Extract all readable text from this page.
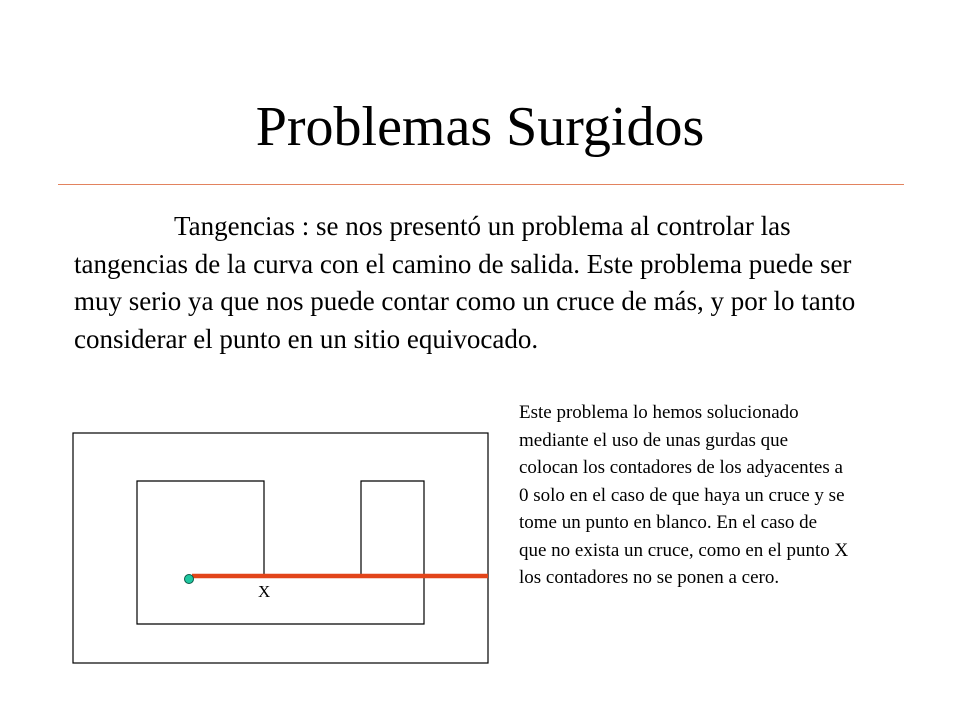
Problemas Surgidos

Tangencias : se nos presentó un problema al controlar las tangencias de la curva con el camino de salida. Este problema puede ser muy serio ya que nos puede contar como un cruce de más, y por lo tanto considerar el punto en un sitio equivocado.

X

Este problema lo hemos solucionado mediante el uso de unas gurdas que colocan los contadores de los adyacentes a 0 solo en el caso de que haya un cruce y se tome un punto en blanco. En el caso de que no exista un cruce, como en el punto X los contadores no se ponen a cero.
